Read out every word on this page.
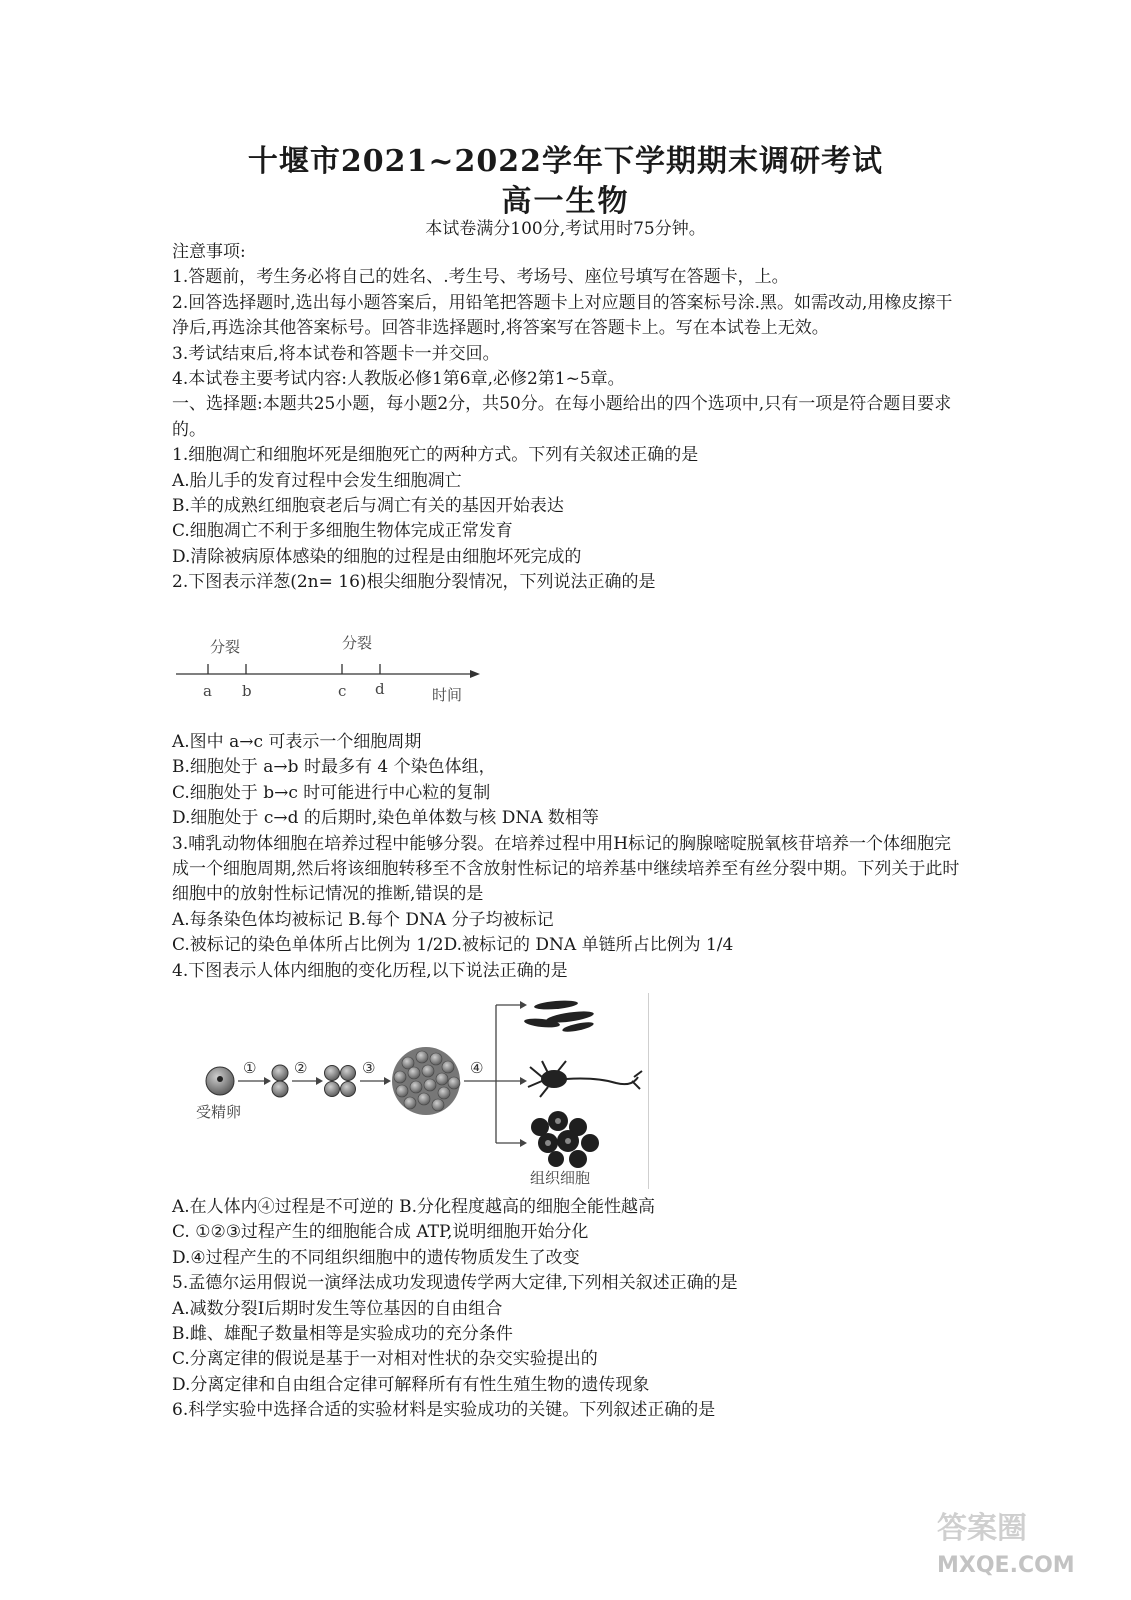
十堰市2021~2022学年下学期期末调研考试
高一生物
本试卷满分100分,考试用时75分钟。

注意事项:

1.答题前，考生务必将自己的姓名、.考生号、考场号、座位号填写在答题卡，上。

2.回答选择题时,选出每小题答案后，用铅笔把答题卡上对应题目的答案标号涂.黑。如需改动,用橡皮擦干净后,再选涂其他答案标号。回答非选择题时,将答案写在答题卡上。写在本试卷上无效。

3.考试结束后,将本试卷和答题卡一并交回。

4.本试卷主要考试内容:人教版必修1第6章,必修2第1~5章。

一、选择题:本题共25小题，每小题2分，共50分。在每小题给出的四个选项中,只有一项是符合题目要求的。

1.细胞凋亡和细胞坏死是细胞死亡的两种方式。下列有关叙述正确的是

A.胎儿手的发育过程中会发生细胞凋亡

B.羊的成熟红细胞衰老后与凋亡有关的基因开始表达

C.细胞凋亡不利于多细胞生物体完成正常发育

D.清除被病原体感染的细胞的过程是由细胞坏死完成的

2.下图表示洋葱(2n= 16)根尖细胞分裂情况，下列说法正确的是

分裂	分裂
a b	c d	时间

A.图中 a→c 可表示一个细胞周期

B.细胞处于 a→b 时最多有 4 个染色体组，

C.细胞处于 b→c 时可能进行中心粒的复制

D.细胞处于 c→d 的后期时,染色单体数与核 DNA 数相等

3.哺乳动物体细胞在培养过程中能够分裂。在培养过程中用H标记的胸腺嘧啶脱氧核苷培养一个体细胞完成一个细胞周期,然后将该细胞转移至不含放射性标记的培养基中继续培养至有丝分裂中期。下列关于此时细胞中的放射性标记情况的推断,错误的是

A.每条染色体均被标记 B.每个 DNA 分子均被标记

C.被标记的染色单体所占比例为 1/2D.被标记的 DNA 单链所占比例为 1/4

4.下图表示人体内细胞的变化历程,以下说法正确的是

受精卵
①	②	③	④
组织细胞

A.在人体内④过程是不可逆的 B.分化程度越高的细胞全能性越高

C. ①②③过程产生的细胞能合成 ATP,说明细胞开始分化

D.④过程产生的不同组织细胞中的遗传物质发生了改变

5.孟德尔运用假说一演绎法成功发现遗传学两大定律,下列相关叙述正确的是

A.减数分裂Ⅰ后期时发生等位基因的自由组合

B.雌、雄配子数量相等是实验成功的充分条件

C.分离定律的假说是基于一对相对性状的杂交实验提出的

D.分离定律和自由组合定律可解释所有有性生殖生物的遗传现象

6.科学实验中选择合适的实验材料是实验成功的关键。下列叙述正确的是

答案圈
MXQE.COM
